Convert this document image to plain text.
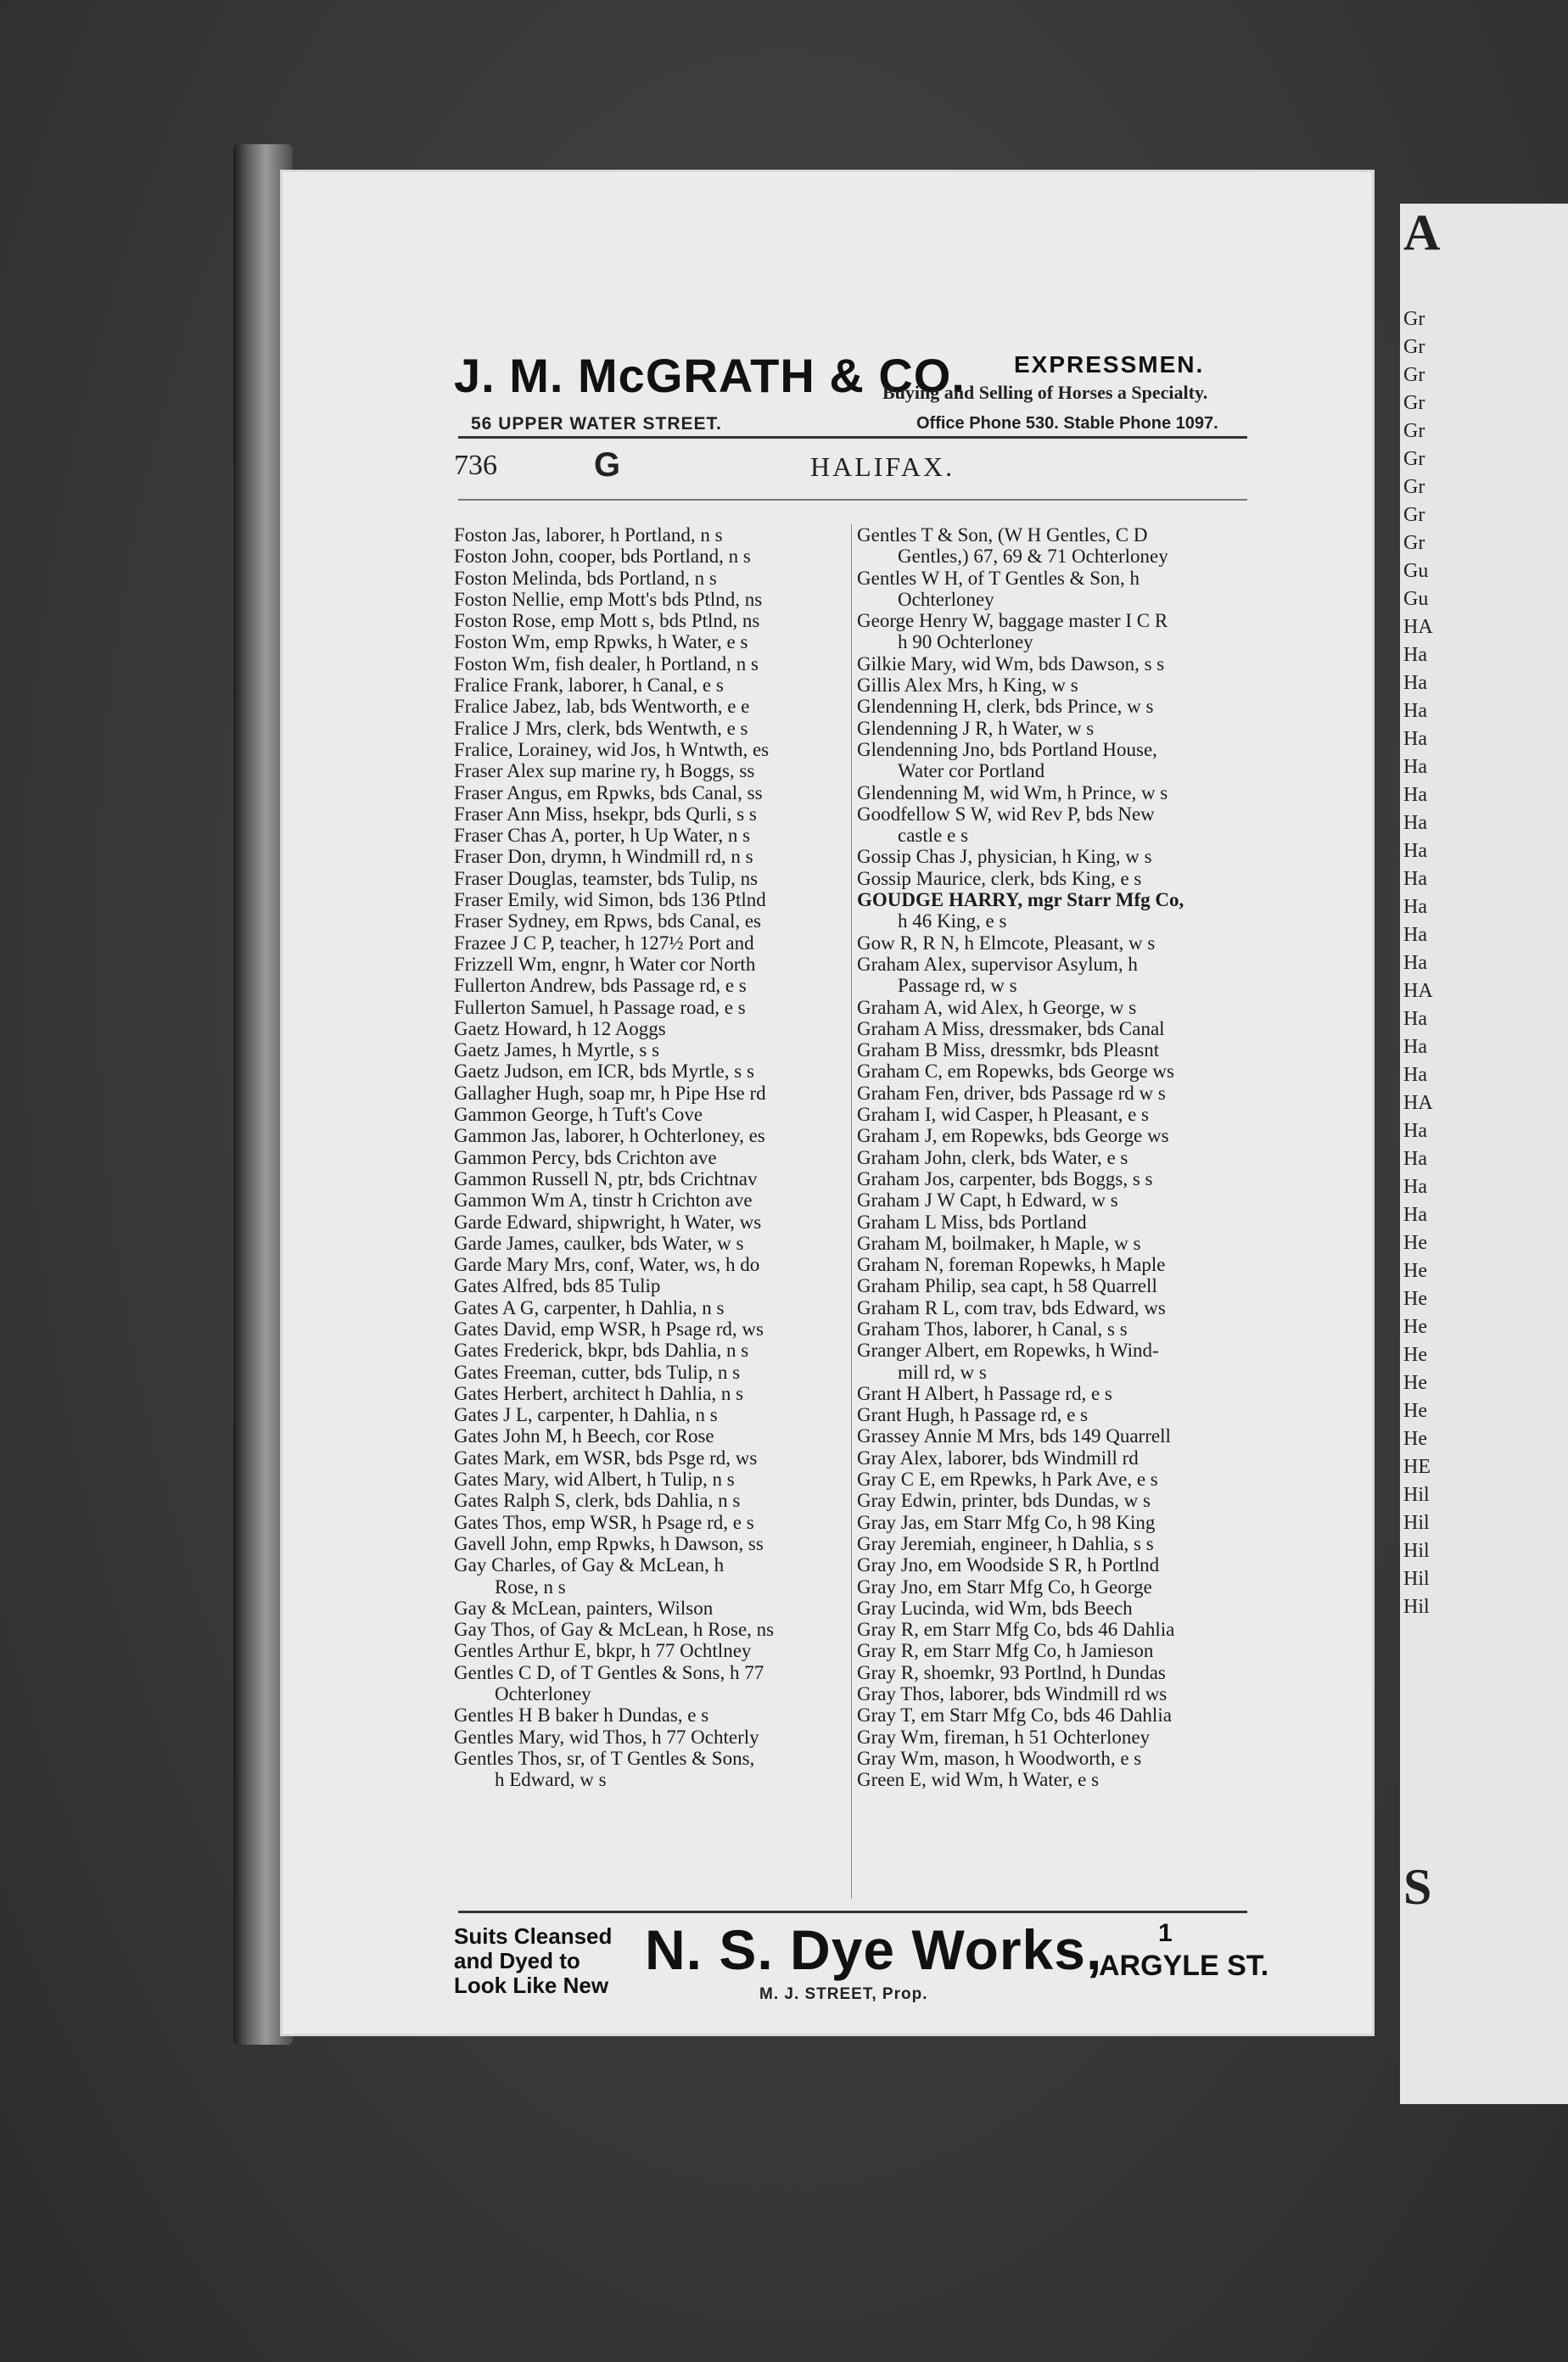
A
Gr
Gr
Gr
Gr
Gr
Gr
Gr
Gr
Gr
Gu
Gu
HA
Ha
Ha
Ha
Ha
Ha
Ha
Ha
Ha
Ha
Ha
Ha
Ha
HA
Ha
Ha
Ha
HA
Ha
Ha
Ha
Ha
He
He
He
He
He
He
He
He
HE
Hil
Hil
Hil
Hil
Hil
S
J. M. McGRATH & CO.
56 UPPER WATER STREET.
EXPRESSMEN.
Buying and Selling of Horses a Specialty.
Office Phone 530. Stable Phone 1097.
736	G	HALIFAX.
Foston Jas, laborer, h Portland, n s
Foston John, cooper, bds Portland, n s
Foston Melinda, bds Portland, n s
Foston Nellie, emp Mott's bds Ptlnd, ns
Foston Rose, emp Mott s, bds Ptlnd, ns
Foston Wm, emp Rpwks, h Water, e s
Foston Wm, fish dealer, h Portland, n s
Fralice Frank, laborer, h Canal, e s
Fralice Jabez, lab, bds Wentworth, e e
Fralice J Mrs, clerk, bds Wentwth, e s
Fralice, Lorainey, wid Jos, h Wntwth, es
Fraser Alex sup marine ry, h Boggs, ss
Fraser Angus, em Rpwks, bds Canal, ss
Fraser Ann Miss, hsekpr, bds Qurli, s s
Fraser Chas A, porter, h Up Water, n s
Fraser Don, drymn, h Windmill rd, n s
Fraser Douglas, teamster, bds Tulip, ns
Fraser Emily, wid Simon, bds 136 Ptlnd
Fraser Sydney, em Rpws, bds Canal, es
Frazee J C P, teacher, h 127½ Port and
Frizzell Wm, engnr, h Water cor North
Fullerton Andrew, bds Passage rd, e s
Fullerton Samuel, h Passage road, e s
Gaetz Howard, h 12 Aoggs
Gaetz James, h Myrtle, s s
Gaetz Judson, em ICR, bds Myrtle, s s
Gallagher Hugh, soap mr, h Pipe Hse rd
Gammon George, h Tuft's Cove
Gammon Jas, laborer, h Ochterloney, es
Gammon Percy, bds Crichton ave
Gammon Russell N, ptr, bds Crichtnav
Gammon Wm A, tinstr h Crichton ave
Garde Edward, shipwright, h Water, ws
Garde James, caulker, bds Water, w s
Garde Mary Mrs, conf, Water, ws, h do
Gates Alfred, bds 85 Tulip
Gates A G, carpenter, h Dahlia, n s
Gates David, emp WSR, h Psage rd, ws
Gates Frederick, bkpr, bds Dahlia, n s
Gates Freeman, cutter, bds Tulip, n s
Gates Herbert, architect h Dahlia, n s
Gates J L, carpenter, h Dahlia, n s
Gates John M, h Beech, cor Rose
Gates Mark, em WSR, bds Psge rd, ws
Gates Mary, wid Albert, h Tulip, n s
Gates Ralph S, clerk, bds Dahlia, n s
Gates Thos, emp WSR, h Psage rd, e s
Gavell John, emp Rpwks, h Dawson, ss
Gay Charles, of Gay & McLean, h
Rose, n s
Gay & McLean, painters, Wilson
Gay Thos, of Gay & McLean, h Rose, ns
Gentles Arthur E, bkpr, h 77 Ochtlney
Gentles C D, of T Gentles & Sons, h 77
Ochterloney
Gentles H B baker h Dundas, e s
Gentles Mary, wid Thos, h 77 Ochterly
Gentles Thos, sr, of T Gentles & Sons,
h Edward, w s
Gentles T & Son, (W H Gentles, C D
Gentles,) 67, 69 & 71 Ochterloney
Gentles W H, of T Gentles & Son, h
Ochterloney
George Henry W, baggage master I C R
h 90 Ochterloney
Gilkie Mary, wid Wm, bds Dawson, s s
Gillis Alex Mrs, h King, w s
Glendenning H, clerk, bds Prince, w s
Glendenning J R, h Water, w s
Glendenning Jno, bds Portland House,
Water cor Portland
Glendenning M, wid Wm, h Prince, w s
Goodfellow S W, wid Rev P, bds New
castle e s
Gossip Chas J, physician, h King, w s
Gossip Maurice, clerk, bds King, e s
GOUDGE HARRY, mgr Starr Mfg Co,
h 46 King, e s
Gow R, R N, h Elmcote, Pleasant, w s
Graham Alex, supervisor Asylum, h
Passage rd, w s
Graham A, wid Alex, h George, w s
Graham A Miss, dressmaker, bds Canal
Graham B Miss, dressmkr, bds Pleasnt
Graham C, em Ropewks, bds George ws
Graham Fen, driver, bds Passage rd w s
Graham I, wid Casper, h Pleasant, e s
Graham J, em Ropewks, bds George ws
Graham John, clerk, bds Water, e s
Graham Jos, carpenter, bds Boggs, s s
Graham J W Capt, h Edward, w s
Graham L Miss, bds Portland
Graham M, boilmaker, h Maple, w s
Graham N, foreman Ropewks, h Maple
Graham Philip, sea capt, h 58 Quarrell
Graham R L, com trav, bds Edward, ws
Graham Thos, laborer, h Canal, s s
Granger Albert, em Ropewks, h Wind-
mill rd, w s
Grant H Albert, h Passage rd, e s
Grant Hugh, h Passage rd, e s
Grassey Annie M Mrs, bds 149 Quarrell
Gray Alex, laborer, bds Windmill rd
Gray C E, em Rpewks, h Park Ave, e s
Gray Edwin, printer, bds Dundas, w s
Gray Jas, em Starr Mfg Co, h 98 King
Gray Jeremiah, engineer, h Dahlia, s s
Gray Jno, em Woodside S R, h Portlnd
Gray Jno, em Starr Mfg Co, h George
Gray Lucinda, wid Wm, bds Beech
Gray R, em Starr Mfg Co, bds 46 Dahlia
Gray R, em Starr Mfg Co, h Jamieson
Gray R, shoemkr, 93 Portlnd, h Dundas
Gray Thos, laborer, bds Windmill rd ws
Gray T, em Starr Mfg Co, bds 46 Dahlia
Gray Wm, fireman, h 51 Ochterloney
Gray Wm, mason, h Woodworth, e s
Green E, wid Wm, h Water, e s
Suits Cleansed
and Dyed to
Look Like New
N. S. Dye Works, 1
ARGYLE ST.
M. J. STREET, Prop.
